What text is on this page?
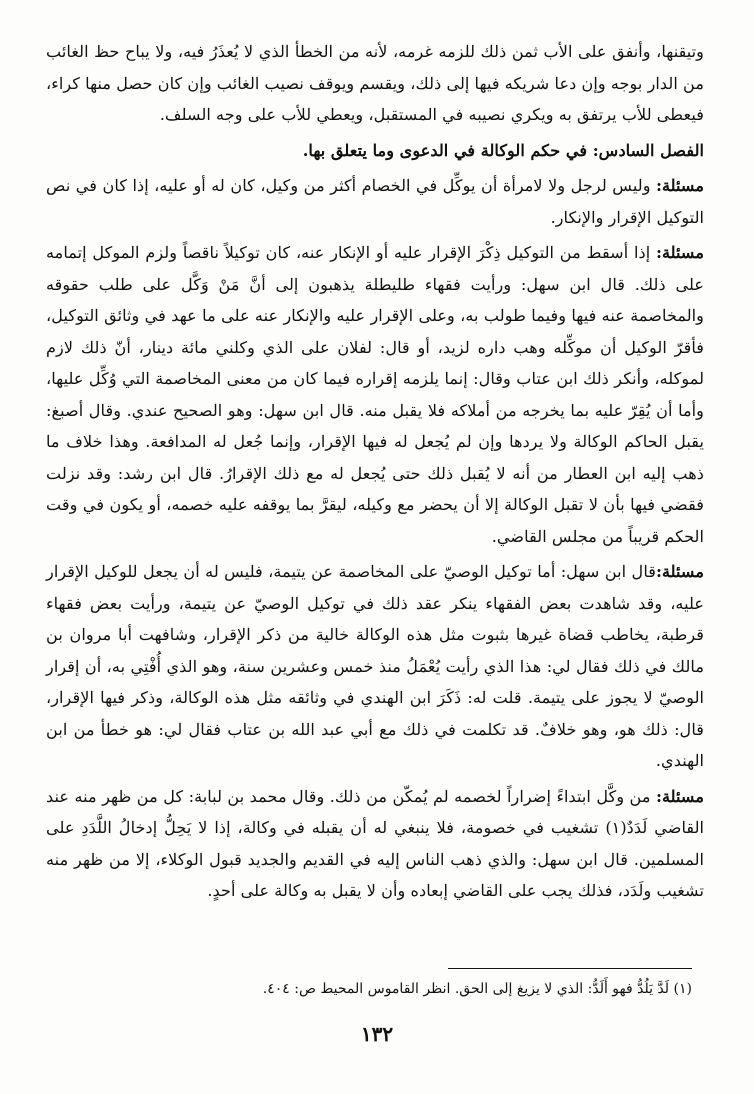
وتيقنها، وأنفق على الأب ثمن ذلك للزمه غرمه، لأنه من الخطأ الذي لا يُعذَرُ فيه، ولا يباح حظ الغائب من الدار بوجه وإن دعا شريكه فيها إلى ذلك، ويقسم ويوقف نصيب الغائب وإن كان حصل منها كراء، فيعطى للأب يرتفق به ويكري نصيبه في المستقبل، ويعطي للأب على وجه السلف.

الفصل السادس: في حكم الوكالة في الدعوى وما يتعلق بها.

مسئلة: وليس لرجل ولا لامرأة أن يوكِّل في الخصام أكثر من وكيل، كان له أو عليه، إذا كان في نص التوكيل الإقرار والإنكار.

مسئلة: إذا أسقط من التوكيل ذِكْرَ الإقرار عليه أو الإنكار عنه، كان توكيلاً ناقصاً ولزم الموكل إتمامه على ذلك. قال ابن سهل: ورأيت فقهاء طليطلة يذهبون إلى أنَّ مَنْ وَكَّل على طلب حقوقه والمخاصمة عنه فيها وفيما طولب به، وعلى الإقرار عليه والإنكار عنه على ما عهد في وثائق التوكيل، فأقرّ الوكيل أن موكِّله وهب داره لزيد، أو قال: لفلان على الذي وكلني مائة دينار، أنّ ذلك لازم لموكله، وأنكر ذلك ابن عتاب وقال: إنما يلزمه إقراره فيما كان من معنى المخاصمة التي وُكِّل عليها، وأما أن يُقِرّ عليه بما يخرجه من أملاكه فلا يقبل منه. قال ابن سهل: وهو الصحيح عندي. وقال أصبغ: يقبل الحاكم الوكالة ولا يردها وإن لم يُجعل له فيها الإقرار، وإنما جُعل له المدافعة. وهذا خلاف ما ذهب إليه ابن العطار من أنه لا يُقبل ذلك حتى يُجعل له مع ذلك الإقرارُ. قال ابن رشد: وقد نزلت فقضي فيها بأن لا تقبل الوكالة إلا أن يحضر مع وكيله، ليقرَّ بما يوقفه عليه خصمه، أو يكون في وقت الحكم قريباً من مجلس القاضي.

مسئلة:قال ابن سهل: أما توكيل الوصيّ على المخاصمة عن يتيمة، فليس له أن يجعل للوكيل الإقرار عليه، وقد شاهدت بعض الفقهاء ينكر عقد ذلك في توكيل الوصيّ عن يتيمة، ورأيت بعض فقهاء قرطبة، يخاطب قضاة غيرها بثبوت مثل هذه الوكالة خالية من ذكر الإقرار، وشافهت أبا مروان بن مالك في ذلك فقال لي: هذا الذي رأيت يُعْمَلُ منذ خمس وعشرين سنة، وهو الذي أُفْتِي به، أن إقرار الوصيّ لا يجوز على يتيمة. قلت له: ذَكَرَ ابن الهندي في وثائقه مثل هذه الوكالة، وذكر فيها الإقرار، قال: ذلك هو، وهو خلافٌ. قد تكلمت في ذلك مع أبي عبد الله بن عتاب فقال لي: هو خطأ من ابن الهندي.

مسئلة: من وكَّل ابتداءً إضراراً لخصمه لم يُمكّن من ذلك. وقال محمد بن لبابة: كل من ظهر منه عند القاضي لَدَدٌ(١) تشغيب في خصومة، فلا ينبغي له أن يقبله في وكالة، إذا لا يَحِلُّ إدخالُ اللَّدَدِ على المسلمين. قال ابن سهل: والذي ذهب الناس إليه في القديم والجديد قبول الوكلاء، إلا من ظهر منه تشغيب ولَدَد، فذلك يجب على القاضي إبعاده وأن لا يقبل به وكالة على أحدٍ.

(١) لَدَّ يَلُدُّ فهو أَلَدُّ: الذي لا يزيغ إلى الحق. انظر القاموس المحيط ص: ٤٠٤.
١٣٢
